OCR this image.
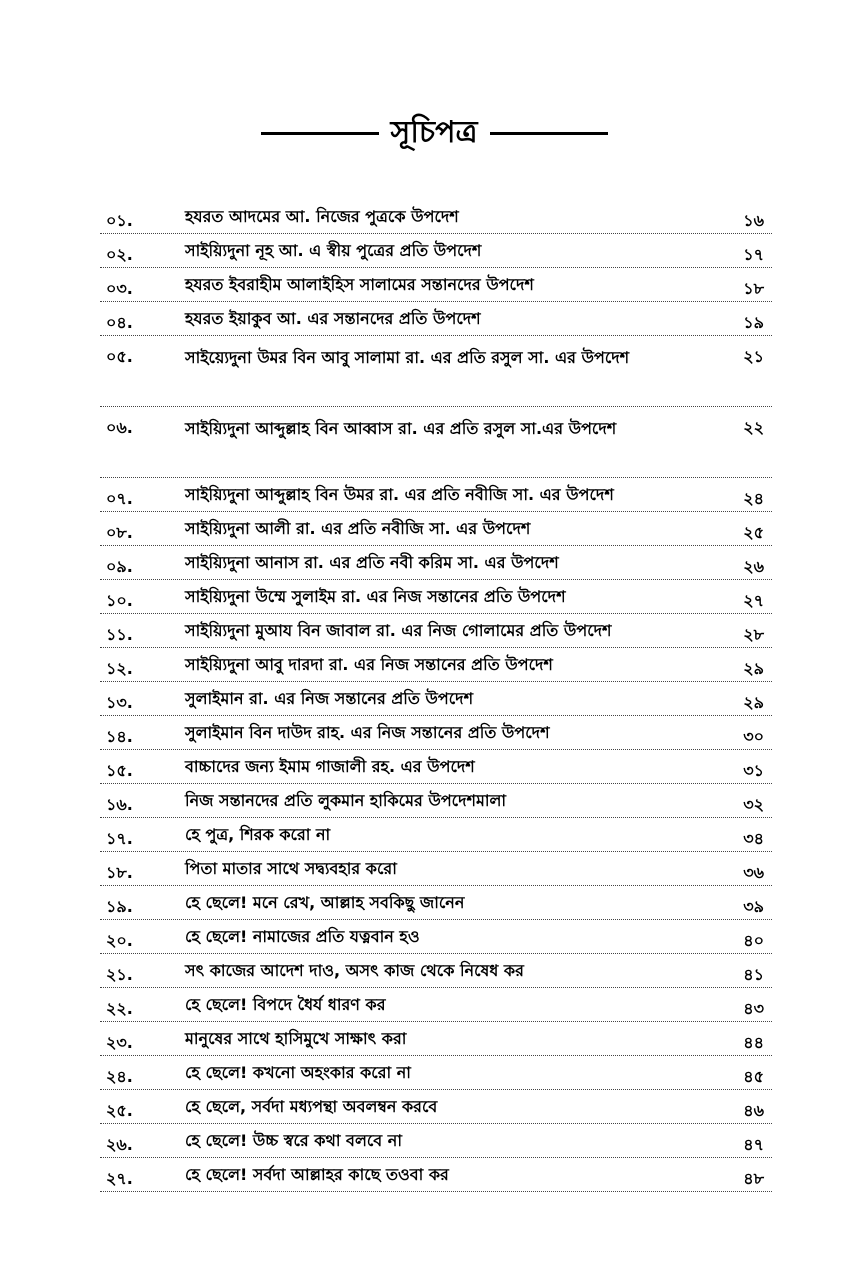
সূচিপত্র
০১.	হযরত আদমের আ. নিজের পুত্রকে উপদেশ	১৬
০২.	সাইয়্যিদুনা নূহ আ. এ স্বীয় পুত্রের প্রতি উপদেশ	১৭
০৩.	হযরত ইবরাহীম আলাইহিস সালামের সন্তানদের উপদেশ	১৮
০৪.	হযরত ইয়াকুব আ. এর সন্তানদের প্রতি উপদেশ	১৯
০৫.	সাইয়্যেদুনা উমর বিন আবু সালামা রা. এর প্রতি রসুল সা. এর উপদেশ	২১
০৬.	সাইয়্যিদুনা আব্দুল্লাহ বিন আব্বাস রা. এর প্রতি রসুল সা.এর উপদেশ	২২
০৭.	সাইয়্যিদুনা আব্দুল্লাহ বিন উমর রা. এর প্রতি নবীজি সা. এর উপদেশ	২৪
০৮.	সাইয়্যিদুনা আলী রা. এর প্রতি নবীজি সা. এর উপদেশ	২৫
০৯.	সাইয়্যিদুনা আনাস রা. এর প্রতি নবী করিম সা. এর উপদেশ	২৬
১০.	সাইয়্যিদুনা উম্মে সুলাইম রা. এর নিজ সন্তানের প্রতি উপদেশ	২৭
১১.	সাইয়্যিদুনা মুআয বিন জাবাল রা. এর নিজ গোলামের প্রতি উপদেশ	২৮
১২.	সাইয়্যিদুনা আবু দারদা রা. এর নিজ সন্তানের প্রতি উপদেশ	২৯
১৩.	সুলাইমান রা. এর নিজ সন্তানের প্রতি উপদেশ	২৯
১৪.	সুলাইমান বিন দাউদ রাহ. এর নিজ সন্তানের প্রতি উপদেশ	৩০
১৫.	বাচ্চাদের জন্য ইমাম গাজালী রহ. এর উপদেশ	৩১
১৬.	নিজ সন্তানদের প্রতি লুকমান হাকিমের উপদেশমালা	৩২
১৭.	হে পুত্র, শিরক করো না	৩৪
১৮.	পিতা মাতার সাথে সদ্ব্যবহার করো	৩৬
১৯.	হে ছেলে! মনে রেখ, আল্লাহ সবকিছু জানেন	৩৯
২০.	হে ছেলে! নামাজের প্রতি যত্নবান হও	৪০
২১.	সৎ কাজের আদেশ দাও, অসৎ কাজ থেকে নিষেধ কর	৪১
২২.	হে ছেলে! বিপদে ধৈর্য ধারণ কর	৪৩
২৩.	মানুষের সাথে হাসিমুখে সাক্ষাৎ করা	৪৪
২৪.	হে ছেলে! কখনো অহংকার করো না	৪৫
২৫.	হে ছেলে, সর্বদা মধ্যপন্থা অবলম্বন করবে	৪৬
২৬.	হে ছেলে! উচ্চ স্বরে কথা বলবে না	৪৭
২৭.	হে ছেলে! সর্বদা আল্লাহর কাছে তওবা কর	৪৮
